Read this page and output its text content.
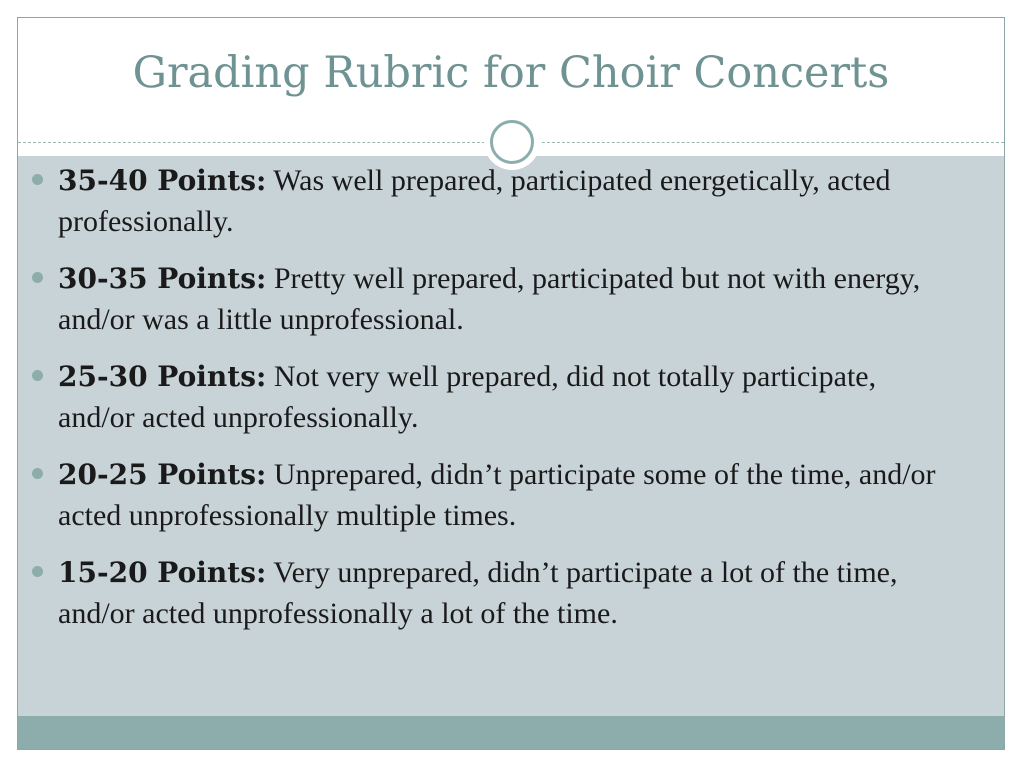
Grading Rubric for Choir Concerts
35-40 Points: Was well prepared, participated energetically, acted professionally.
30-35 Points: Pretty well prepared, participated but not with energy, and/or was a little unprofessional.
25-30 Points: Not very well prepared, did not totally participate, and/or acted unprofessionally.
20-25 Points: Unprepared, didn’t participate some of the time, and/or acted unprofessionally multiple times.
15-20 Points: Very unprepared, didn’t participate a lot of the time, and/or acted unprofessionally a lot of the time.
